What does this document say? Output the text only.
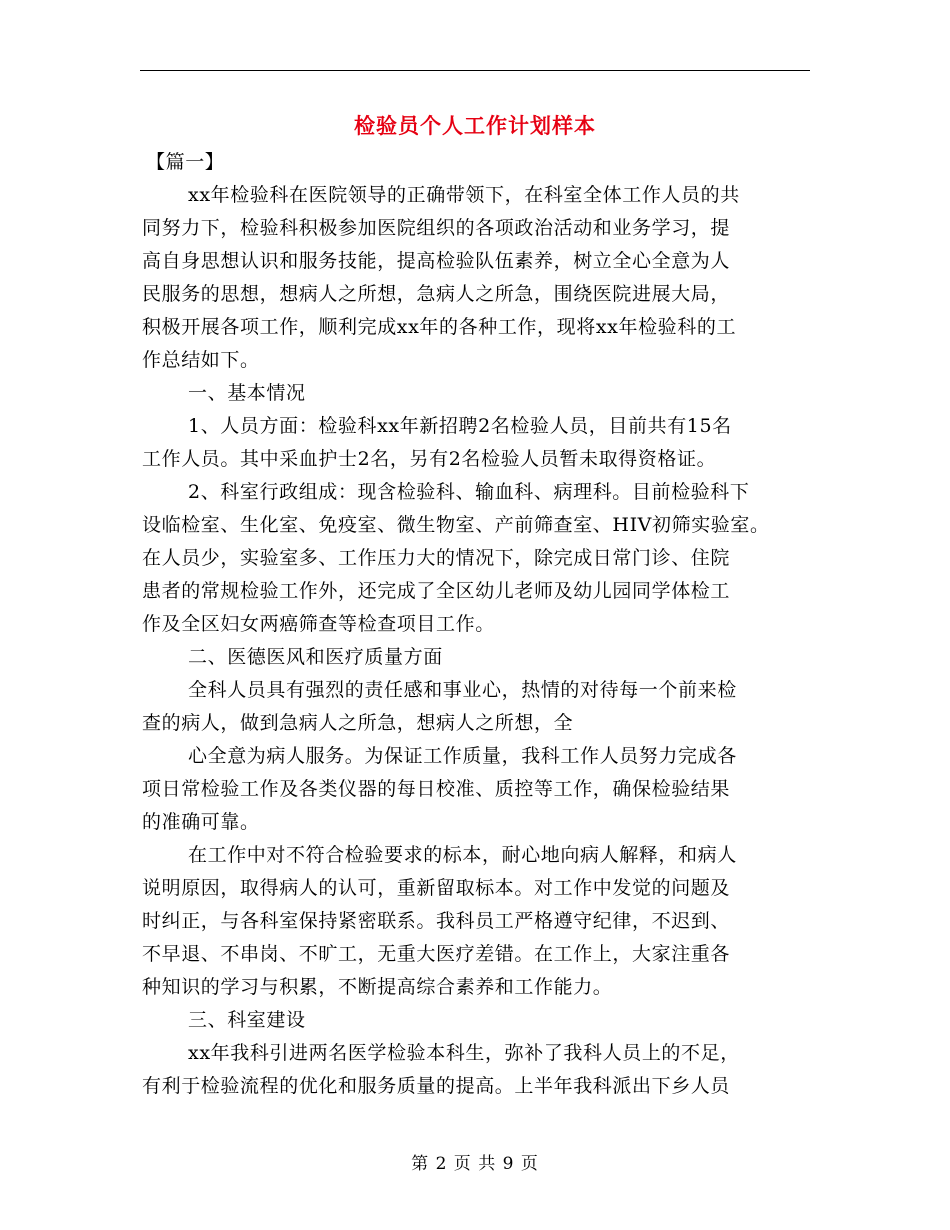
检验员个人工作计划样本
【篇一】
xx年检验科在医院领导的正确带领下，在科室全体工作人员的共
同努力下，检验科积极参加医院组织的各项政治活动和业务学习，提
高自身思想认识和服务技能，提高检验队伍素养，树立全心全意为人
民服务的思想，想病人之所想，急病人之所急，围绕医院进展大局，
积极开展各项工作，顺利完成xx年的各种工作，现将xx年检验科的工
作总结如下。
一、基本情况
1、人员方面：检验科xx年新招聘2名检验人员，目前共有15名
工作人员。其中采血护士2名，另有2名检验人员暂未取得资格证。
2、科室行政组成：现含检验科、输血科、病理科。目前检验科下
设临检室、生化室、免疫室、微生物室、产前筛查室、HIV初筛实验室。
在人员少，实验室多、工作压力大的情况下，除完成日常门诊、住院
患者的常规检验工作外，还完成了全区幼儿老师及幼儿园同学体检工
作及全区妇女两癌筛查等检查项目工作。
二、医德医风和医疗质量方面
全科人员具有强烈的责任感和事业心，热情的对待每一个前来检
查的病人，做到急病人之所急，想病人之所想，全
心全意为病人服务。为保证工作质量，我科工作人员努力完成各
项日常检验工作及各类仪器的每日校准、质控等工作，确保检验结果
的准确可靠。
在工作中对不符合检验要求的标本，耐心地向病人解释，和病人
说明原因，取得病人的认可，重新留取标本。对工作中发觉的问题及
时纠正，与各科室保持紧密联系。我科员工严格遵守纪律，不迟到、
不早退、不串岗、不旷工，无重大医疗差错。在工作上，大家注重各
种知识的学习与积累，不断提高综合素养和工作能力。
三、科室建设
xx年我科引进两名医学检验本科生，弥补了我科人员上的不足，
有利于检验流程的优化和服务质量的提高。上半年我科派出下乡人员
第 2 页 共 9 页
